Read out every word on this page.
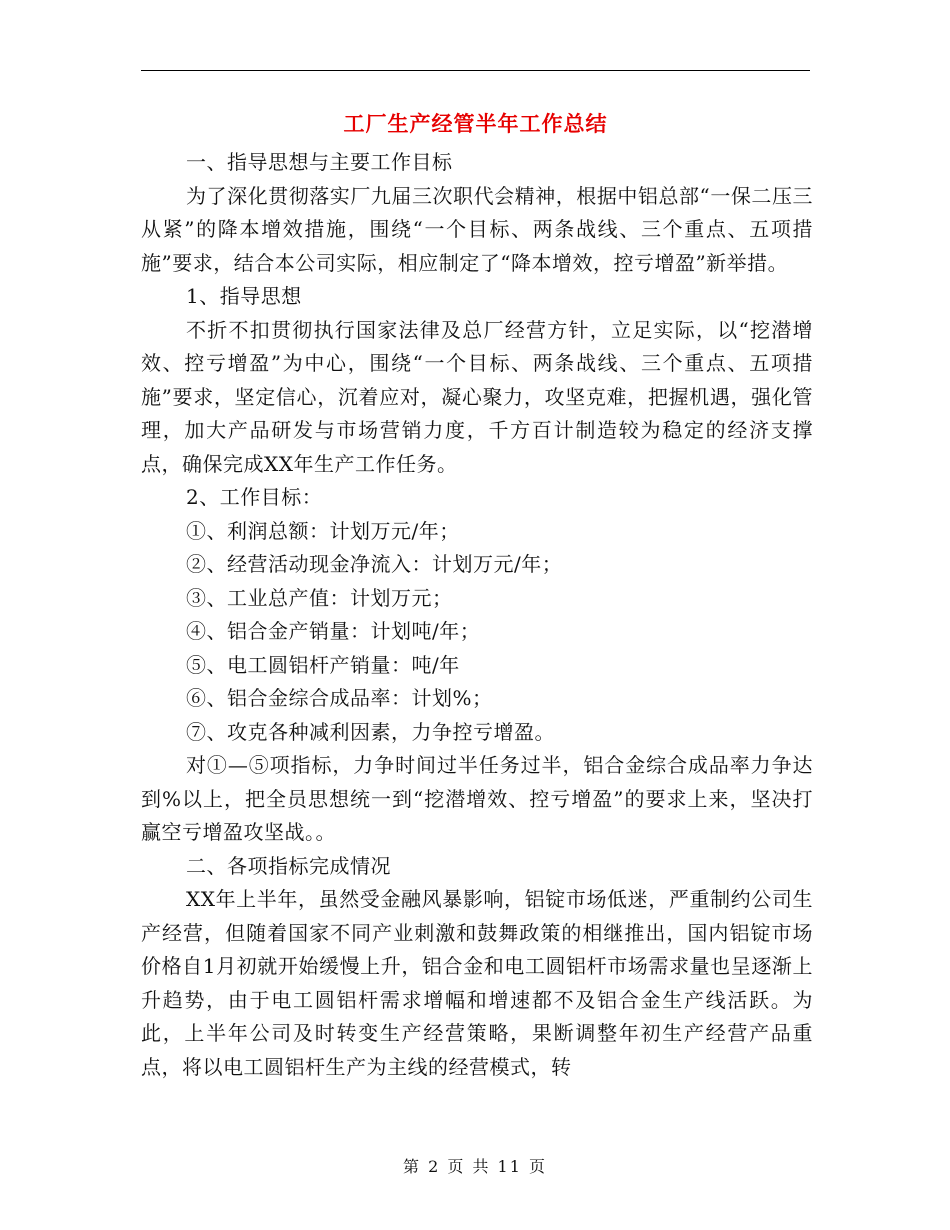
工厂生产经管半年工作总结

一、指导思想与主要工作目标

为了深化贯彻落实厂九届三次职代会精神，根据中铝总部“一保二压三从紧”的降本增效措施，围绕“一个目标、两条战线、三个重点、五项措施”要求，结合本公司实际，相应制定了“降本增效，控亏增盈”新举措。

1、指导思想

不折不扣贯彻执行国家法律及总厂经营方针，立足实际，以“挖潜增效、控亏增盈”为中心，围绕“一个目标、两条战线、三个重点、五项措施”要求，坚定信心，沉着应对，凝心聚力，攻坚克难，把握机遇，强化管理，加大产品研发与市场营销力度，千方百计制造较为稳定的经济支撑点，确保完成XX年生产工作任务。

2、工作目标：

①、利润总额：计划万元/年；

②、经营活动现金净流入：计划万元/年；

③、工业总产值：计划万元；

④、铝合金产销量：计划吨/年；

⑤、电工圆铝杆产销量：吨/年

⑥、铝合金综合成品率：计划%；

⑦、攻克各种减利因素，力争控亏增盈。

对①—⑤项指标，力争时间过半任务过半，铝合金综合成品率力争达到%以上，把全员思想统一到“挖潜增效、控亏增盈”的要求上来，坚决打赢空亏增盈攻坚战。。

二、各项指标完成情况

XX年上半年，虽然受金融风暴影响，铝锭市场低迷，严重制约公司生产经营，但随着国家不同产业刺激和鼓舞政策的相继推出，国内铝锭市场价格自1月初就开始缓慢上升，铝合金和电工圆铝杆市场需求量也呈逐渐上升趋势，由于电工圆铝杆需求增幅和增速都不及铝合金生产线活跃。为此，上半年公司及时转变生产经营策略，果断调整年初生产经营产品重点，将以电工圆铝杆生产为主线的经营模式，转

第 2 页 共 11 页
